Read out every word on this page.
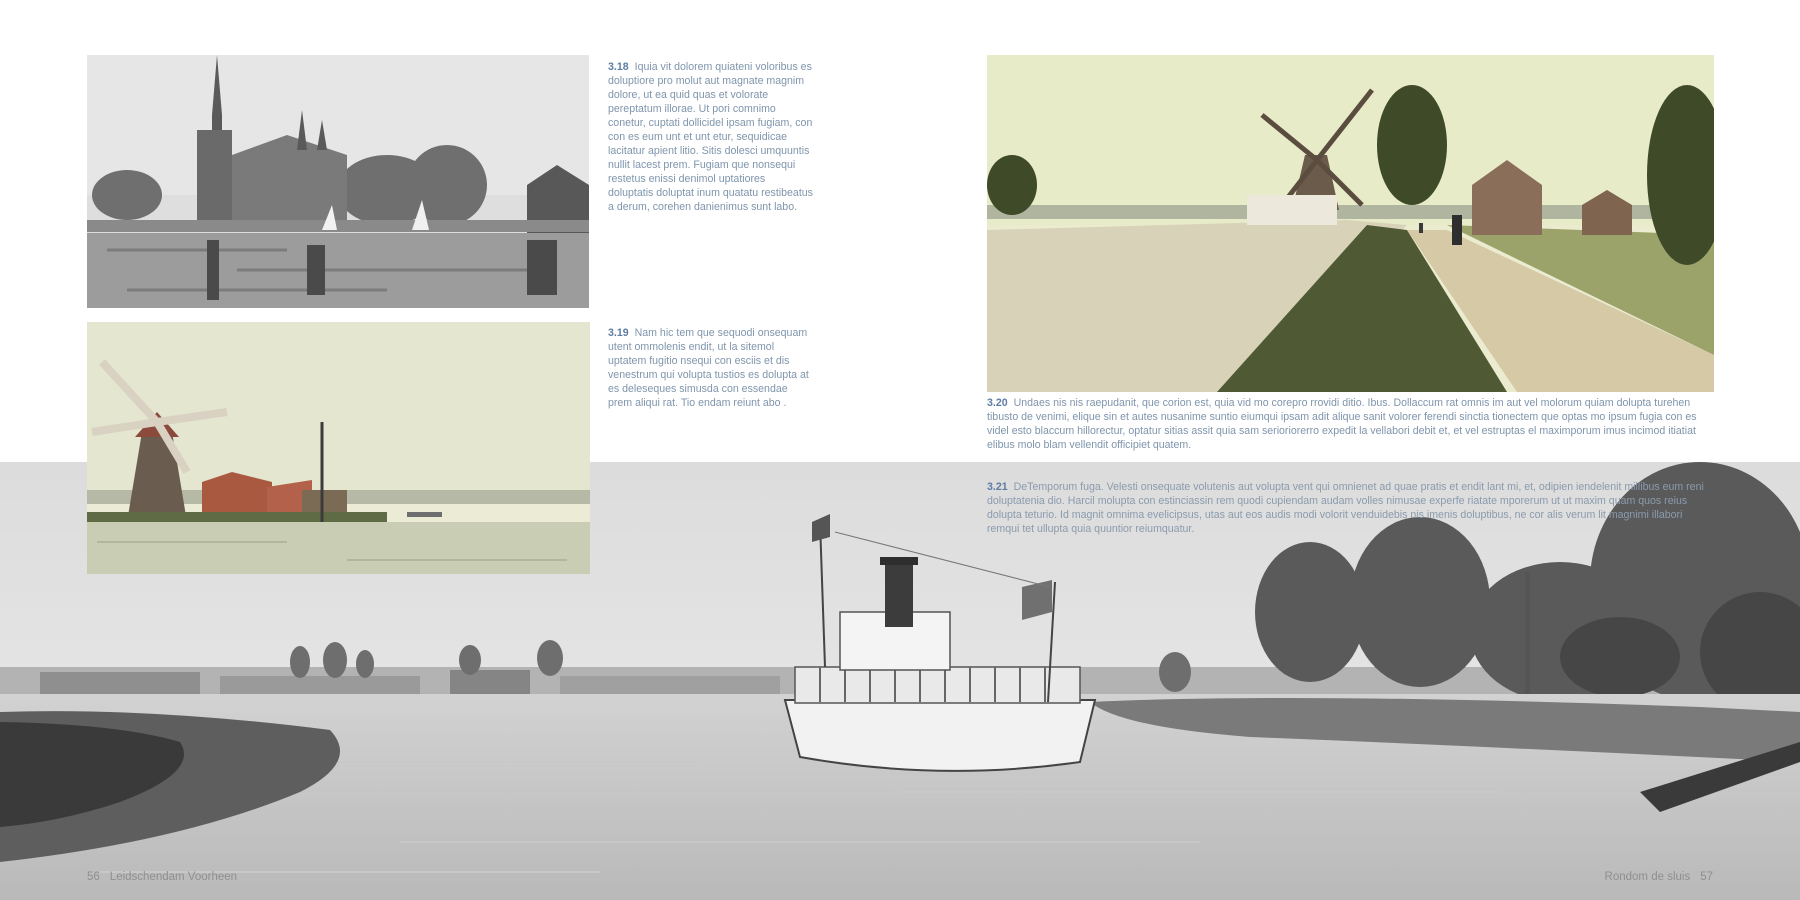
3.18 Iquia vit dolorem quiateni voloribus es doluptiore pro molut aut magnate magnim dolore, ut ea quid quas et volorate pereptatum illorae. Ut pori comnimo conetur, cuptati dollicidel ipsam fugiam, con con es eum unt et unt etur, sequidicae lacitatur apient litio. Sitis dolesci umquuntis nullit lacest prem. Fugiam que nonsequi restetus enissi denimol uptatiores doluptatis doluptat inum quatatu restibeatus a derum, corehen danienimus sunt labo.

3.19 Nam hic tem que sequodi onsequam utent ommolenis endit, ut la sitemol uptatem fugitio nsequi con esciis et dis venestrum qui volupta tustios es dolupta at es deleseques simusda con essendae prem aliqui rat. Tio endam reiunt abo .	3.20 Undaes nis nis raepudanit, que corion est, quia vid mo corepro rrovidi ditio. Ibus. Dollaccum rat omnis im aut vel molorum quiam dolupta turehen tibusto de venimi, elique sin et autes nusanime suntio eiumqui ipsam adit alique sanit volorer ferendi sinctia tionectem que optas mo ipsum fugia con es videl esto blaccum hillorectur, optatur sitias assit quia sam serioriorerro expedit la vellabori debit et, et vel estruptas el maximporum imus incimod itiatiat elibus molo blam vellendit officipiet quatem.

3.21 DeTemporum fuga. Velesti onsequate volutenis aut volupta vent qui omnienet ad quae pratis et endit lant mi, et, odipien iendelenit millibus eum reni doluptatenia dio. Harcil molupta con estinciassin rem quodi cupiendam audam volles nimusae experfe riatate mporerum ut ut maxim quam quos reius dolupta teturio. Id magnit omnima evelicipsus, utas aut eos audis modi volorit venduidebis nis imenis doluptibus, ne cor alis verum lit magnimi illabori remqui tet ullupta quia quuntior reiumquatur.

56 Leidschendam Voorheen	Rondom de sluis 57
